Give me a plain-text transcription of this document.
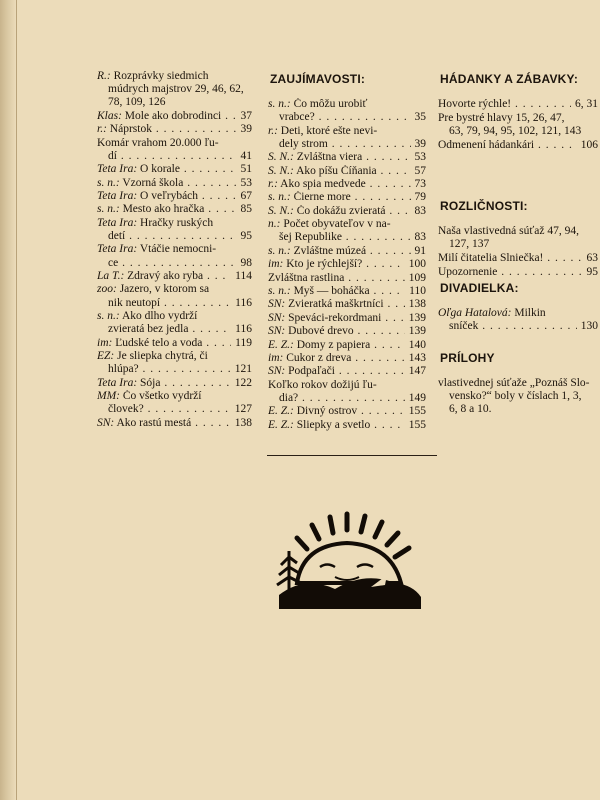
R.: Rozprávky siedmich
múdrych majstrov 29, 46, 62,
78, 109, 126
Klas: Mole ako dobrodinci . . .	37
r.: Náprstok . . .	39
Komár vrahom 20.000 ľu-
dí . . .	41
Teta Ira: O korale . . .	51
s. n.: Vzorná škola . . .	53
Teta Ira: O veľrybách . . .	67
s. n.: Mesto ako hračka . . .	85
Teta Ira: Hračky ruských
detí . . .	95
Teta Ira: Vtáčie nemocni-
ce . . .	98
La T.: Zdravý ako ryba . . .	114
zoo: Jazero, v ktorom sa
nik neutopí . . .	116
s. n.: Ako dlho vydrží
zvieratá bez jedla . . .	116
im: Ľudské telo a voda . . .	119
EZ: Je sliepka chytrá, či
hlúpa? . . .	121
Teta Ira: Sója . . .	122
MM: Čo všetko vydrží
človek? . . .	127
SN: Ako rastú mestá . . .	138
ZAUJÍMAVOSTI:
s. n.: Čo môžu urobiť
vrabce? . . .	35
r.: Deti, ktoré ešte nevi-
dely strom . . .	39
S. N.: Zvláštna viera . . .	53
S. N.: Ako píšu Číňania . . .	57
r.: Ako spia medvede . . .	73
s. n.: Čierne more . . .	79
S. N.: Čo dokážu zvieratá . . .	83
n.: Počet obyvateľov v na-
šej Republike . . .	83
s. n.: Zvláštne múzeá . . .	91
im: Kto je rýchlejší? . . .	100
Zvláštna rastlina . . .	109
s. n.: Myš — boháčka . . .	110
SN: Zvieratká maškrtníci . . .	138
SN: Speváci-rekordmani . . .	139
SN: Dubové drevo . . .	139
E. Z.: Domy z papiera . . .	140
im: Cukor z dreva . . .	143
SN: Podpaľači . . .	147
Koľko rokov dožijú ľu-
dia? . . .	149
E. Z.: Divný ostrov . . .	155
E. Z.: Sliepky a svetlo . . .	155
HÁDANKY A ZÁBAVKY:
Hovorte rýchle! . . .	6, 31
Pre bystré hlavy 15, 26, 47,
63, 79, 94, 95, 102, 121, 143
Odmenení hádankári . . .	106
ROZLIČNOSTI:
Naša vlastivedná súťaž 47, 94,
127, 137
Milí čitatelia Slniečka! . . .	63
Upozornenie . . .	95
DIVADIELKA:
Oľga Hatalová: Milkin
sníček . . .	130
PRÍLOHY
vlastivednej súťaže „Poznáš Slo-
vensko?“ boly v číslach 1, 3,
6, 8 a 10.
